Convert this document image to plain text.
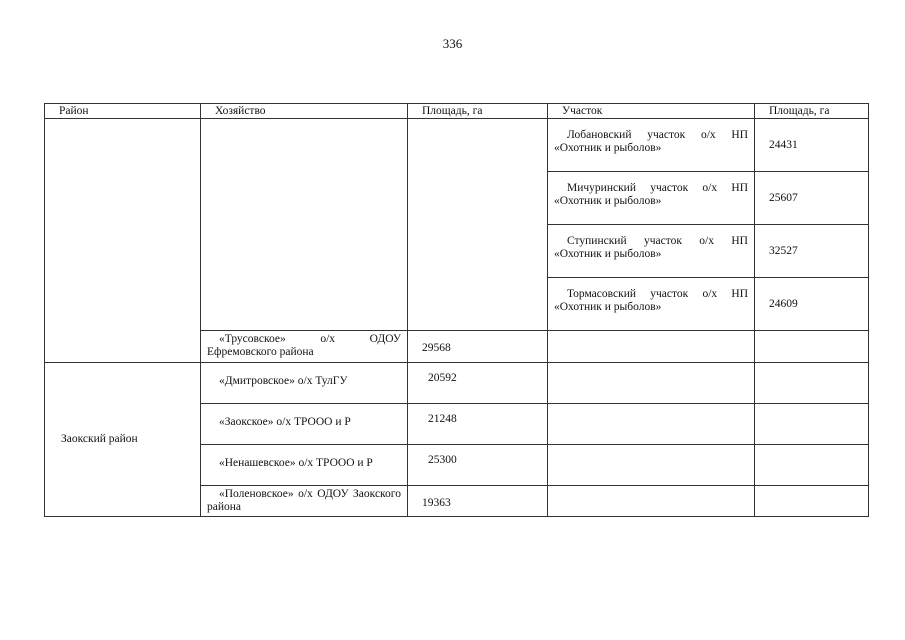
336
Район	Хозяйство	Площадь, га	Участок	Площадь, га

			Лобановский участок о/х НП «Охотник и рыболов»	24431

			Мичуринский участок о/х НП «Охотник и рыболов»	25607

			Ступинский участок о/х НП «Охотник и рыболов»	32527

			Тормасовский участок о/х НП «Охотник и рыболов»	24609

	«Трусовское» о/х ОДОУ Ефремовского района	29568		

Заокский район	«Дмитровское» о/х ТулГУ	20592		

	«Заокское» о/х ТРООО и Р	21248		

	«Ненашевское» о/х ТРООО и Р	25300		

	«Поленовское» о/х ОДОУ Заокского района	19363		
